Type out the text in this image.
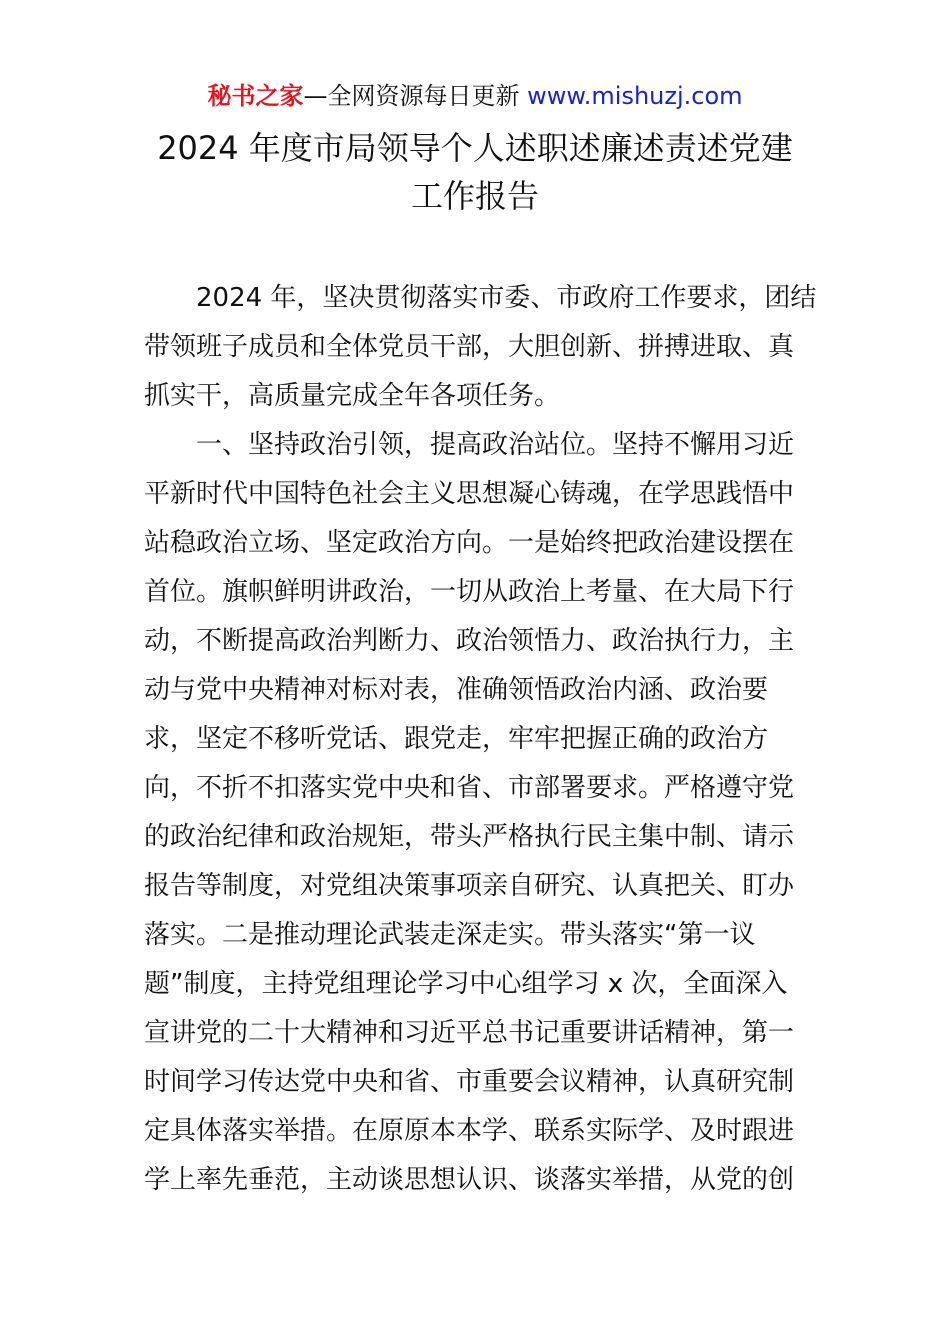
秘书之家—全网资源每日更新 www.mishuzj.com
2024 年度市局领导个人述职述廉述责述党建
工作报告
2024 年，坚决贯彻落实市委、市政府工作要求，团结
带领班子成员和全体党员干部，大胆创新、拼搏进取、真
抓实干，高质量完成全年各项任务。
一、坚持政治引领，提高政治站位。坚持不懈用习近
平新时代中国特色社会主义思想凝心铸魂，在学思践悟中
站稳政治立场、坚定政治方向。一是始终把政治建设摆在
首位。旗帜鲜明讲政治，一切从政治上考量、在大局下行
动，不断提高政治判断力、政治领悟力、政治执行力，主
动与党中央精神对标对表，准确领悟政治内涵、政治要
求，坚定不移听党话、跟党走，牢牢把握正确的政治方
向，不折不扣落实党中央和省、市部署要求。严格遵守党
的政治纪律和政治规矩，带头严格执行民主集中制、请示
报告等制度，对党组决策事项亲自研究、认真把关、盯办
落实。二是推动理论武装走深走实。带头落实“第一议
题”制度，主持党组理论学习中心组学习 x 次，全面深入
宣讲党的二十大精神和习近平总书记重要讲话精神，第一
时间学习传达党中央和省、市重要会议精神，认真研究制
定具体落实举措。在原原本本学、联系实际学、及时跟进
学上率先垂范，主动谈思想认识、谈落实举措，从党的创
